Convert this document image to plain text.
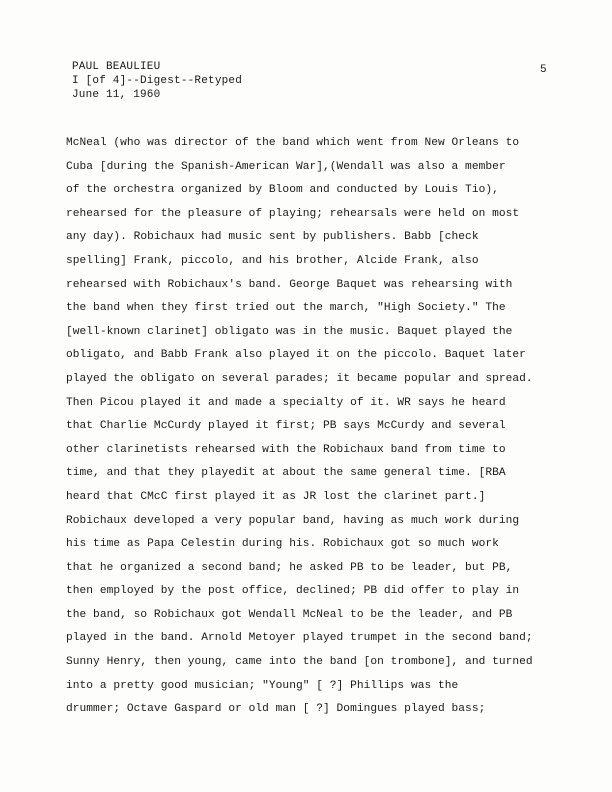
PAUL BEAULIEU
I [of 4]--Digest--Retyped
June 11, 1960
5
McNeal (who was director of the band which went from New Orleans to
Cuba [during the Spanish-American War],(Wendall was also a member
of the orchestra organized by Bloom and conducted by Louis Tio),
rehearsed for the pleasure of playing; rehearsals were held on most
any day). Robichaux had music sent by publishers. Babb [check
spelling] Frank, piccolo, and his brother, Alcide Frank, also
rehearsed with Robichaux's band. George Baquet was rehearsing with
the band when they first tried out the march, "High Society." The
[well-known clarinet] obligato was in the music. Baquet played the
obligato, and Babb Frank also played it on the piccolo. Baquet later
played the obligato on several parades; it became popular and spread.
Then Picou played it and made a specialty of it. WR says he heard
that Charlie McCurdy played it first; PB says McCurdy and several
other clarinetists rehearsed with the Robichaux band from time to
time, and that they playedit at about the same general time. [RBA
heard that CMcC first played it as JR lost the clarinet part.]
Robichaux developed a very popular band, having as much work during
his time as Papa Celestin during his. Robichaux got so much work
that he organized a second band; he asked PB to be leader, but PB,
then employed by the post office, declined; PB did offer to play in
the band, so Robichaux got Wendall McNeal to be the leader, and PB
played in the band. Arnold Metoyer played trumpet in the second band;
Sunny Henry, then young, came into the band [on trombone], and turned
into a pretty good musician; "Young" [ ?] Phillips was the
drummer; Octave Gaspard or old man [ ?] Domingues played bass;
